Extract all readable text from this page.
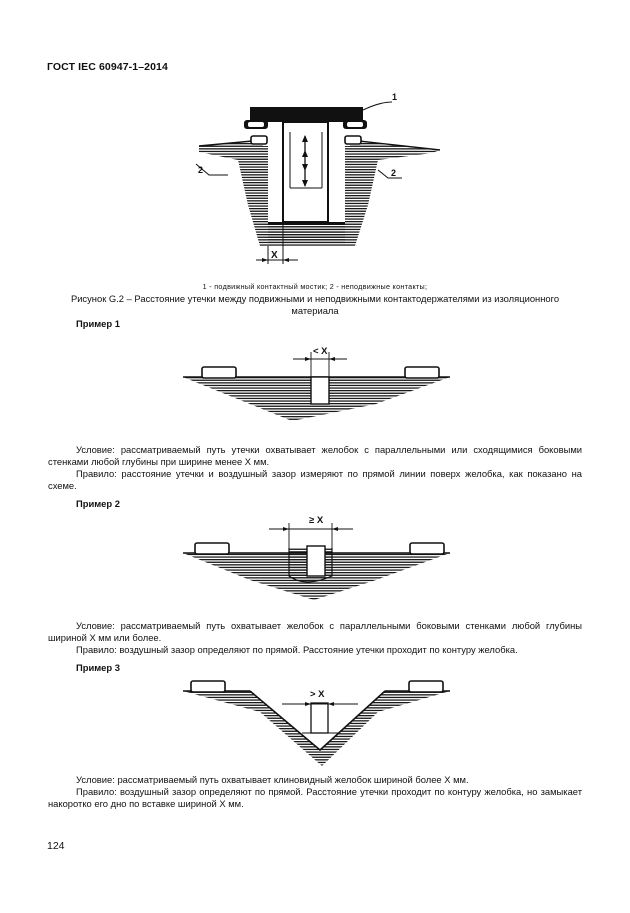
ГОСТ IEC 60947-1–2014
1
2	2
X
1 - подвижный контактный мостик; 2 - неподвижные контакты;
Рисунок G.2 – Расстояние утечки между подвижными и неподвижными контактодержателями из изоляционного материала
Пример 1
< X
Условие: рассматриваемый путь утечки охватывает желобок с параллельными или сходящимися боковыми стенками любой глубины при ширине менее X мм.
Правило: расстояние утечки и воздушный зазор измеряют по прямой линии поверх желобка, как показано на схеме.
Пример 2
≥ X
Условие: рассматриваемый путь охватывает желобок с параллельными боковыми стенками любой глубины шириной X мм или более.
Правило: воздушный зазор определяют по прямой. Расстояние утечки проходит по контуру желобка.
Пример 3
> X
Условие: рассматриваемый путь охватывает клиновидный желобок шириной более X мм.
Правило: воздушный зазор определяют по прямой. Расстояние утечки проходит по контуру желобка, но замыкает накоротко его дно по вставке шириной X мм.
124
